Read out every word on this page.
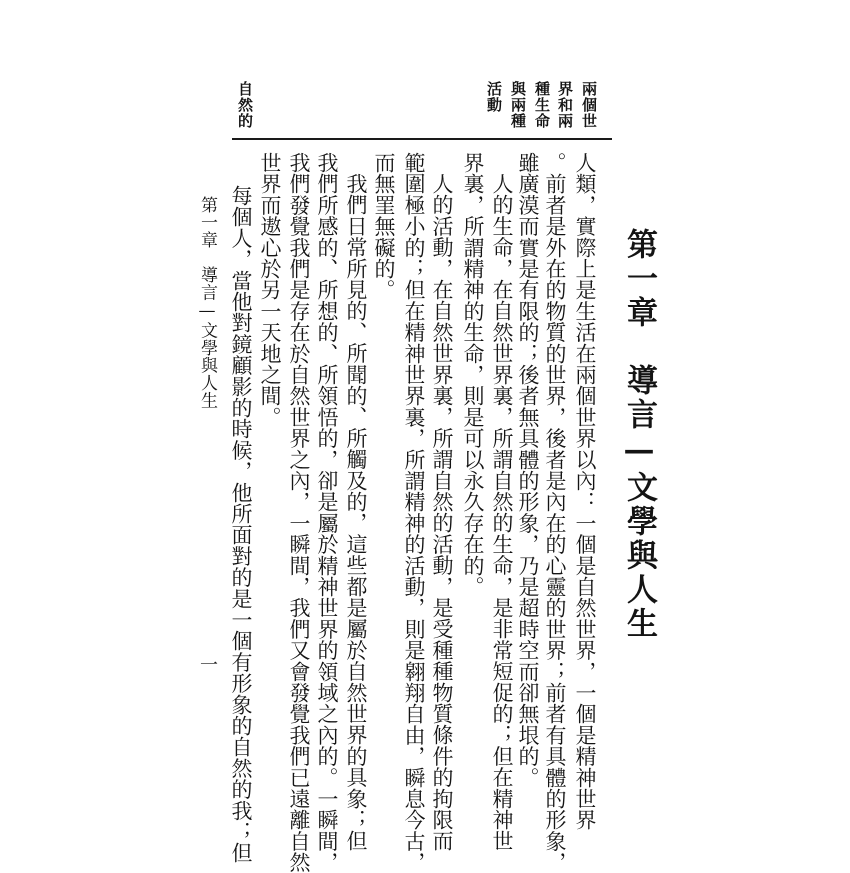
第一章　導言—文學與人生
兩個世
界和兩
種生命
與兩種
活動
自然的
人類，實際上是生活在兩個世界以內：一個是自然世界，一個是精神世界
。前者是外在的物質的世界，後者是內在的心靈的世界；前者有具體的形象，
雖廣漠而實是有限的；後者無具體的形象，乃是超時空而卻無垠的。
人的生命，在自然世界裏，所謂自然的生命，是非常短促的；但在精神世
界裏，所謂精神的生命，則是可以永久存在的。
人的活動，在自然世界裏，所謂自然的活動，是受種種物質條件的拘限而
範圍極小的；但在精神世界裏，所謂精神的活動，則是翱翔自由，瞬息今古，
而無罣無礙的。
我們日常所見的、所聞的、所觸及的，這些都是屬於自然世界的具象；但
我們所感的、所想的、所領悟的，卻是屬於精神世界的領域之內的。一瞬間，
我們發覺我們是存在於自然世界之內，一瞬間，我們又會發覺我們已遠離自然
世界而遨心於另一天地之間。
每個人，當他對鏡顧影的時候，他所面對的是一個有形象的自然的我；但
第一章　導言—文學與人生
一
